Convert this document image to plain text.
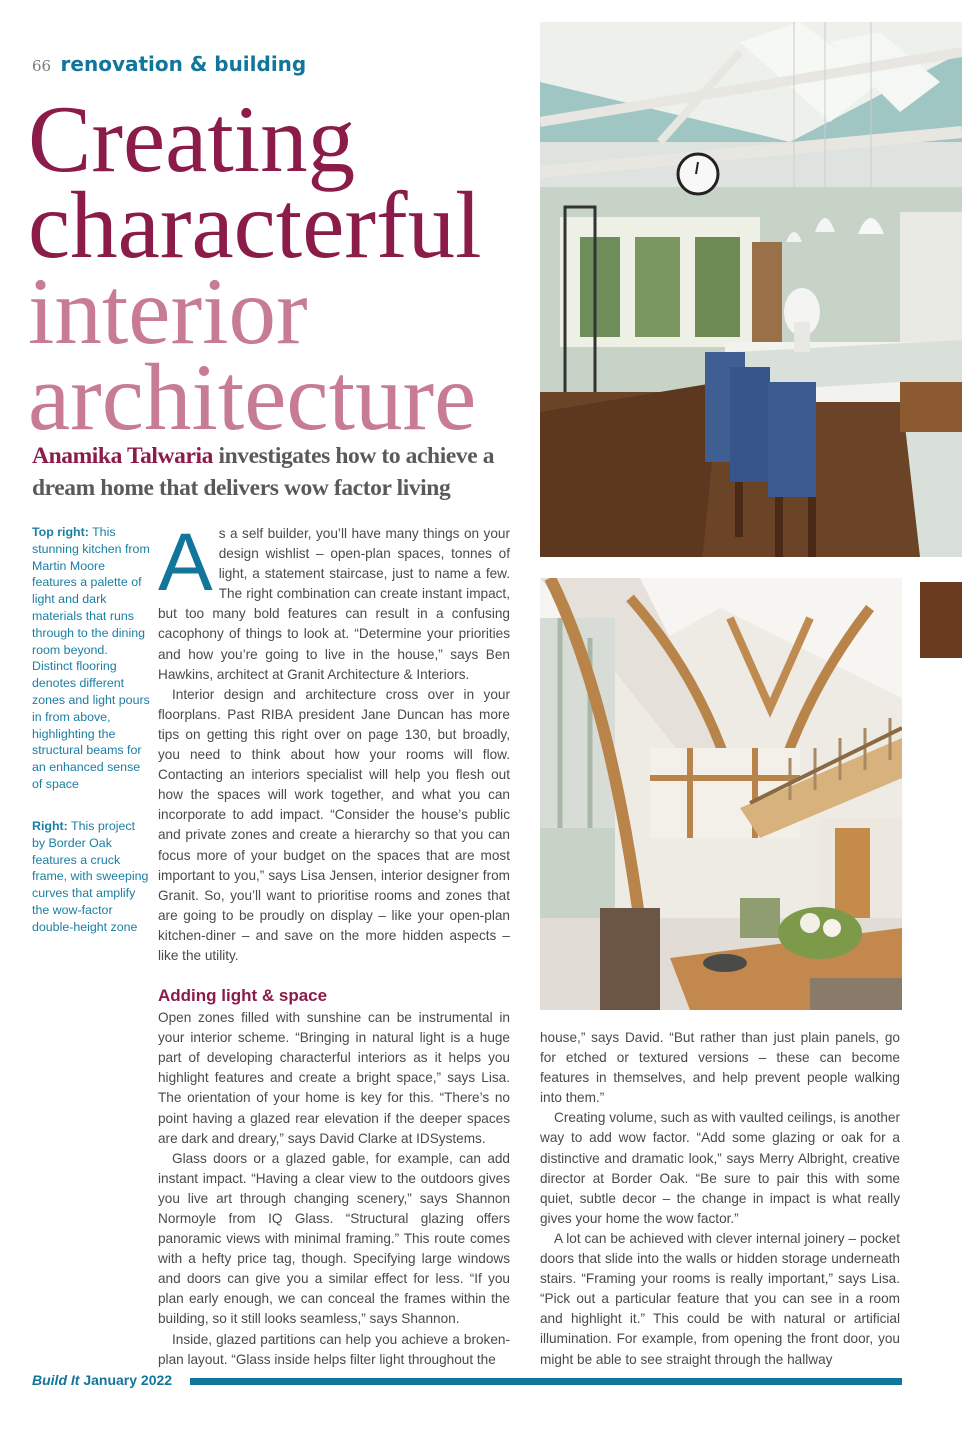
66 renovation & building
Creating
characterful
interior
architecture
Anamika Talwaria investigates how to achieve a dream home that delivers wow factor living
Top right: This stunning kitchen from Martin Moore features a palette of light and dark materials that runs through to the dining room beyond. Distinct flooring denotes different zones and light pours in from above, highlighting the structural beams for an enhanced sense of space
Right: This project by Border Oak features a cruck frame, with sweeping curves that amplify the wow-factor double-height zone

As a self builder, you’ll have many things on your design wishlist – open-plan spaces, tonnes of light, a statement staircase, just to name a few. The right combination can create instant impact, but too many bold features can result in a confusing cacophony of things to look at. “Determine your priorities and how you’re going to live in the house,” says Ben Hawkins, architect at Granit Architecture & Interiors.

Interior design and architecture cross over in your floorplans. Past RIBA president Jane Duncan has more tips on getting this right over on page 130, but broadly, you need to think about how your rooms will flow. Contacting an interiors specialist will help you flesh out how the spaces will work together, and what you can incorporate to add impact. “Consider the house’s public and private zones and create a hierarchy so that you can focus more of your budget on the spaces that are most important to you,” says Lisa Jensen, interior designer from Granit. So, you’ll want to prioritise rooms and zones that are going to be proudly on display – like your open-plan kitchen-diner – and save on the more hidden aspects – like the utility.

Adding light & space

Open zones filled with sunshine can be instrumental in your interior scheme. “Bringing in natural light is a huge part of developing characterful interiors as it helps you highlight features and create a bright space,” says Lisa. The orientation of your home is key for this. “There’s no point having a glazed rear elevation if the deeper spaces are dark and dreary,” says David Clarke at IDSystems.

Glass doors or a glazed gable, for example, can add instant impact. “Having a clear view to the outdoors gives you live art through changing scenery,” says Shannon Normoyle from IQ Glass. “Structural glazing offers panoramic views with minimal framing.” This route comes with a hefty price tag, though. Specifying large windows and doors can give you a similar effect for less. “If you plan early enough, we can conceal the frames within the building, so it still looks seamless,” says Shannon.

Inside, glazed partitions can help you achieve a broken-plan layout. “Glass inside helps filter light throughout the

house,” says David. “But rather than just plain panels, go for etched or textured versions – these can become features in themselves, and help prevent people walking into them.”

Creating volume, such as with vaulted ceilings, is another way to add wow factor. “Add some glazing or oak for a distinctive and dramatic look,” says Merry Albright, creative director at Border Oak. “Be sure to pair this with some quiet, subtle decor – the change in impact is what really gives your home the wow factor.”

A lot can be achieved with clever internal joinery – pocket doors that slide into the walls or hidden storage underneath stairs. “Framing your rooms is really important,” says Lisa. “Pick out a particular feature that you can see in a room and highlight it.” This could be with natural or artificial illumination. For example, from opening the front door, you might be able to see straight through the hallway

Build It January 2022
